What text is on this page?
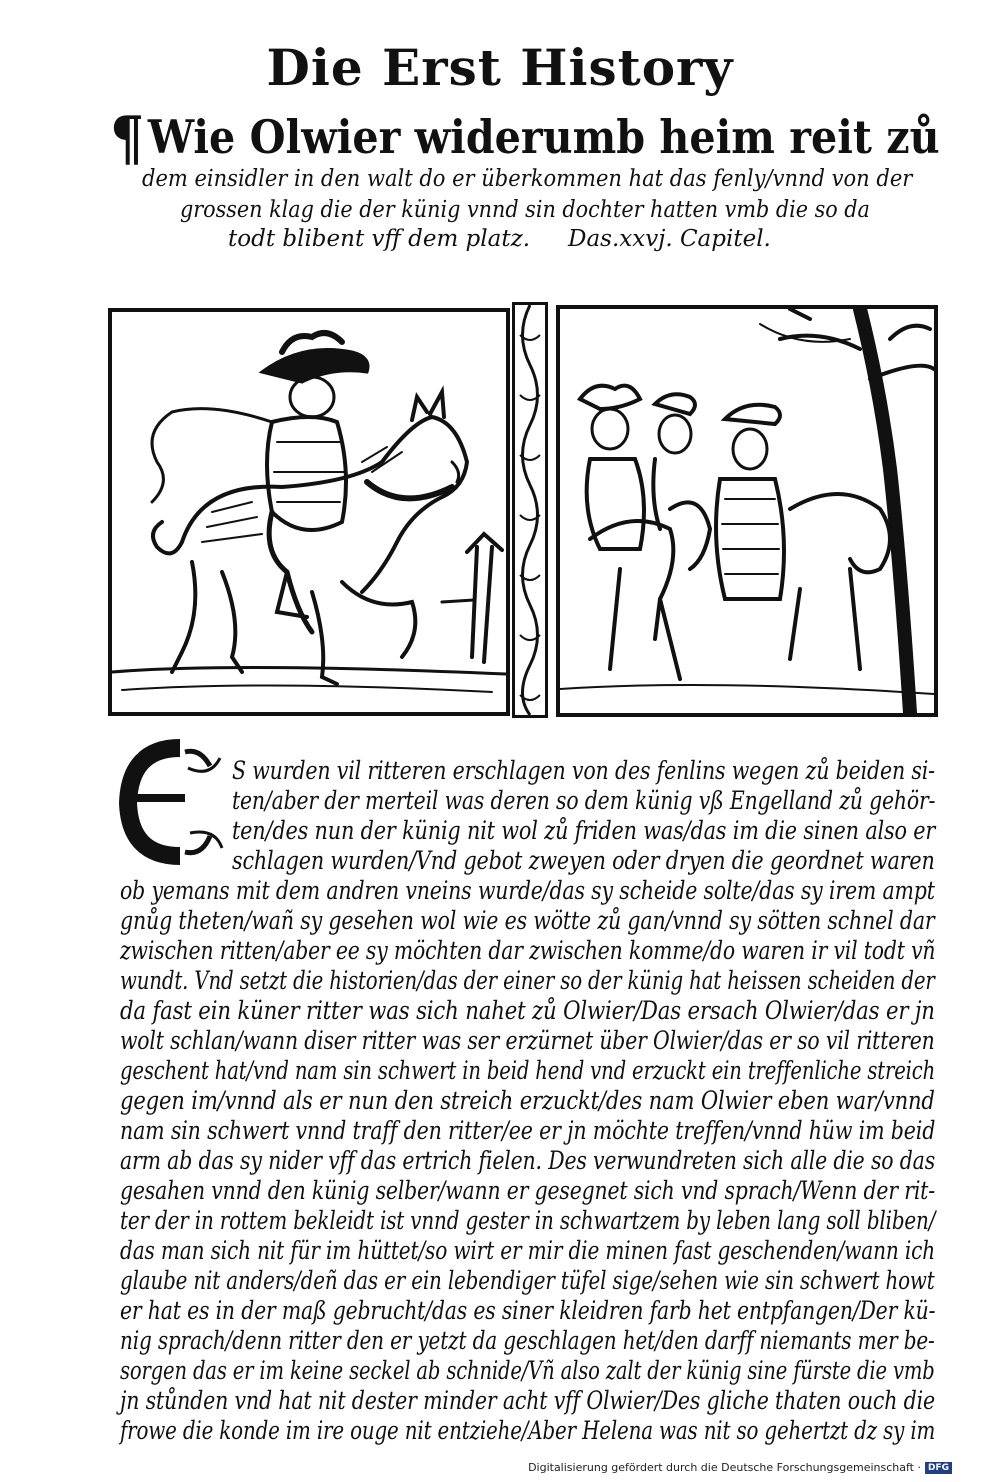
Die Erst History
¶Wie Olwier widerumb heim reit zů
dem einsidler in den walt do er überkommen hat das fenly/vnnd von der
grossen klag die der künig vnnd sin dochter hatten vmb die so da
todt blibent vff dem platz. Das.xxvj. Capitel.
S wurden vil ritteren erschlagen von des fenlins wegen zů beiden si-
ten/aber der merteil was deren so dem künig vß Engelland zů gehör-
ten/des nun der künig nit wol zů friden was/das im die sinen also er
schlagen wurden/Vnd gebot zweyen oder dryen die geordnet waren
ob yemans mit dem andren vneins wurde/das sy scheide solte/das sy irem ampt
gnůg theten/wañ sy gesehen wol wie es wötte zů gan/vnnd sy sötten schnel dar
zwischen ritten/aber ee sy möchten dar zwischen komme/do waren ir vil todt vñ
wundt. Vnd setzt die historien/das der einer so der künig hat heissen scheiden der
da fast ein küner ritter was sich nahet zů Olwier/Das ersach Olwier/das er jn
wolt schlan/wann diser ritter was ser erzürnet über Olwier/das er so vil ritteren
geschent hat/vnd nam sin schwert in beid hend vnd erzuckt ein treffenliche streich
gegen im/vnnd als er nun den streich erzuckt/des nam Olwier eben war/vnnd
nam sin schwert vnnd traff den ritter/ee er jn möchte treffen/vnnd hüw im beid
arm ab das sy nider vff das ertrich fielen. Des verwundreten sich alle die so das
gesahen vnnd den künig selber/wann er gesegnet sich vnd sprach/Wenn der rit-
ter der in rottem bekleidt ist vnnd gester in schwartzem by leben lang soll bliben/
das man sich nit für im hüttet/so wirt er mir die minen fast geschenden/wann ich
glaube nit anders/deñ das er ein lebendiger tüfel sige/sehen wie sin schwert howt
er hat es in der maß gebrucht/das es siner kleidren farb het entpfangen/Der kü-
nig sprach/denn ritter den er yetzt da geschlagen het/den darff niemants mer be-
sorgen das er im keine seckel ab schnide/Vñ also zalt der künig sine fürste die vmb
jn stůnden vnd hat nit dester minder acht vff Olwier/Des gliche thaten ouch die
frowe die konde im ire ouge nit entziehe/Aber Helena was nit so gehertzt dz sy im
Digitalisierung gefördert durch die Deutsche Forschungsgemeinschaft · DFG
